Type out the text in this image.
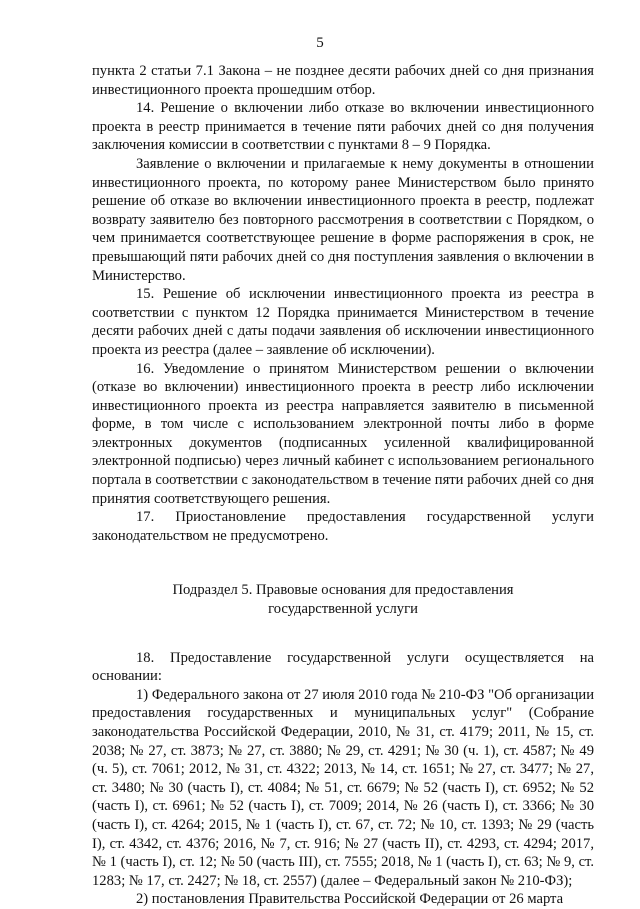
5

пункта 2 статьи 7.1 Закона – не позднее десяти рабочих дней со дня признания инвестиционного проекта прошедшим отбор.

14. Решение о включении либо отказе во включении инвестиционного проекта в реестр принимается в течение пяти рабочих дней со дня получения заключения комиссии в соответствии с пунктами 8 – 9 Порядка.

Заявление о включении и прилагаемые к нему документы в отношении инвестиционного проекта, по которому ранее Министерством было принято решение об отказе во включении инвестиционного проекта в реестр, подлежат возврату заявителю без повторного рассмотрения в соответствии с Порядком, о чем принимается соответствующее решение в форме распоряжения в срок, не превышающий пяти рабочих дней со дня поступления заявления о включении в Министерство.

15. Решение об исключении инвестиционного проекта из реестра в соответствии с пунктом 12 Порядка принимается Министерством в течение десяти рабочих дней с даты подачи заявления об исключении инвестиционного проекта из реестра (далее – заявление об исключении).

16. Уведомление о принятом Министерством решении о включении (отказе во включении) инвестиционного проекта в реестр либо исключении инвестиционного проекта из реестра направляется заявителю в письменной форме, в том числе с использованием электронной почты либо в форме электронных документов (подписанных усиленной квалифицированной электронной подписью) через личный кабинет с использованием регионального портала в соответствии с законодательством в течение пяти рабочих дней со дня принятия соответствующего решения.

17. Приостановление предоставления государственной услуги законодательством не предусмотрено.

Подраздел 5. Правовые основания для предоставления
государственной услуги

18. Предоставление государственной услуги осуществляется на основании:

1) Федерального закона от 27 июля 2010 года № 210-ФЗ "Об организации предоставления государственных и муниципальных услуг" (Собрание законодательства Российской Федерации, 2010, № 31, ст. 4179; 2011, № 15, ст. 2038; № 27, ст. 3873; № 27, ст. 3880; № 29, ст. 4291; № 30 (ч. 1), ст. 4587; № 49 (ч. 5), ст. 7061; 2012, № 31, ст. 4322; 2013, № 14, ст. 1651; № 27, ст. 3477; № 27, ст. 3480; № 30 (часть I), ст. 4084; № 51, ст. 6679; № 52 (часть I), ст. 6952; № 52 (часть I), ст. 6961; № 52 (часть I), ст. 7009; 2014, № 26 (часть I), ст. 3366; № 30 (часть I), ст. 4264; 2015, № 1 (часть I), ст. 67, ст. 72; № 10, ст. 1393; № 29 (часть I), ст. 4342, ст. 4376; 2016, № 7, ст. 916; № 27 (часть II), ст. 4293, ст. 4294; 2017, № 1 (часть I), ст. 12; № 50 (часть III), ст. 7555; 2018, № 1 (часть I), ст. 63; № 9, ст. 1283; № 17, ст. 2427; № 18, ст. 2557) (далее – Федеральный закон № 210-ФЗ);

2) постановления Правительства Российской Федерации от 26 марта
